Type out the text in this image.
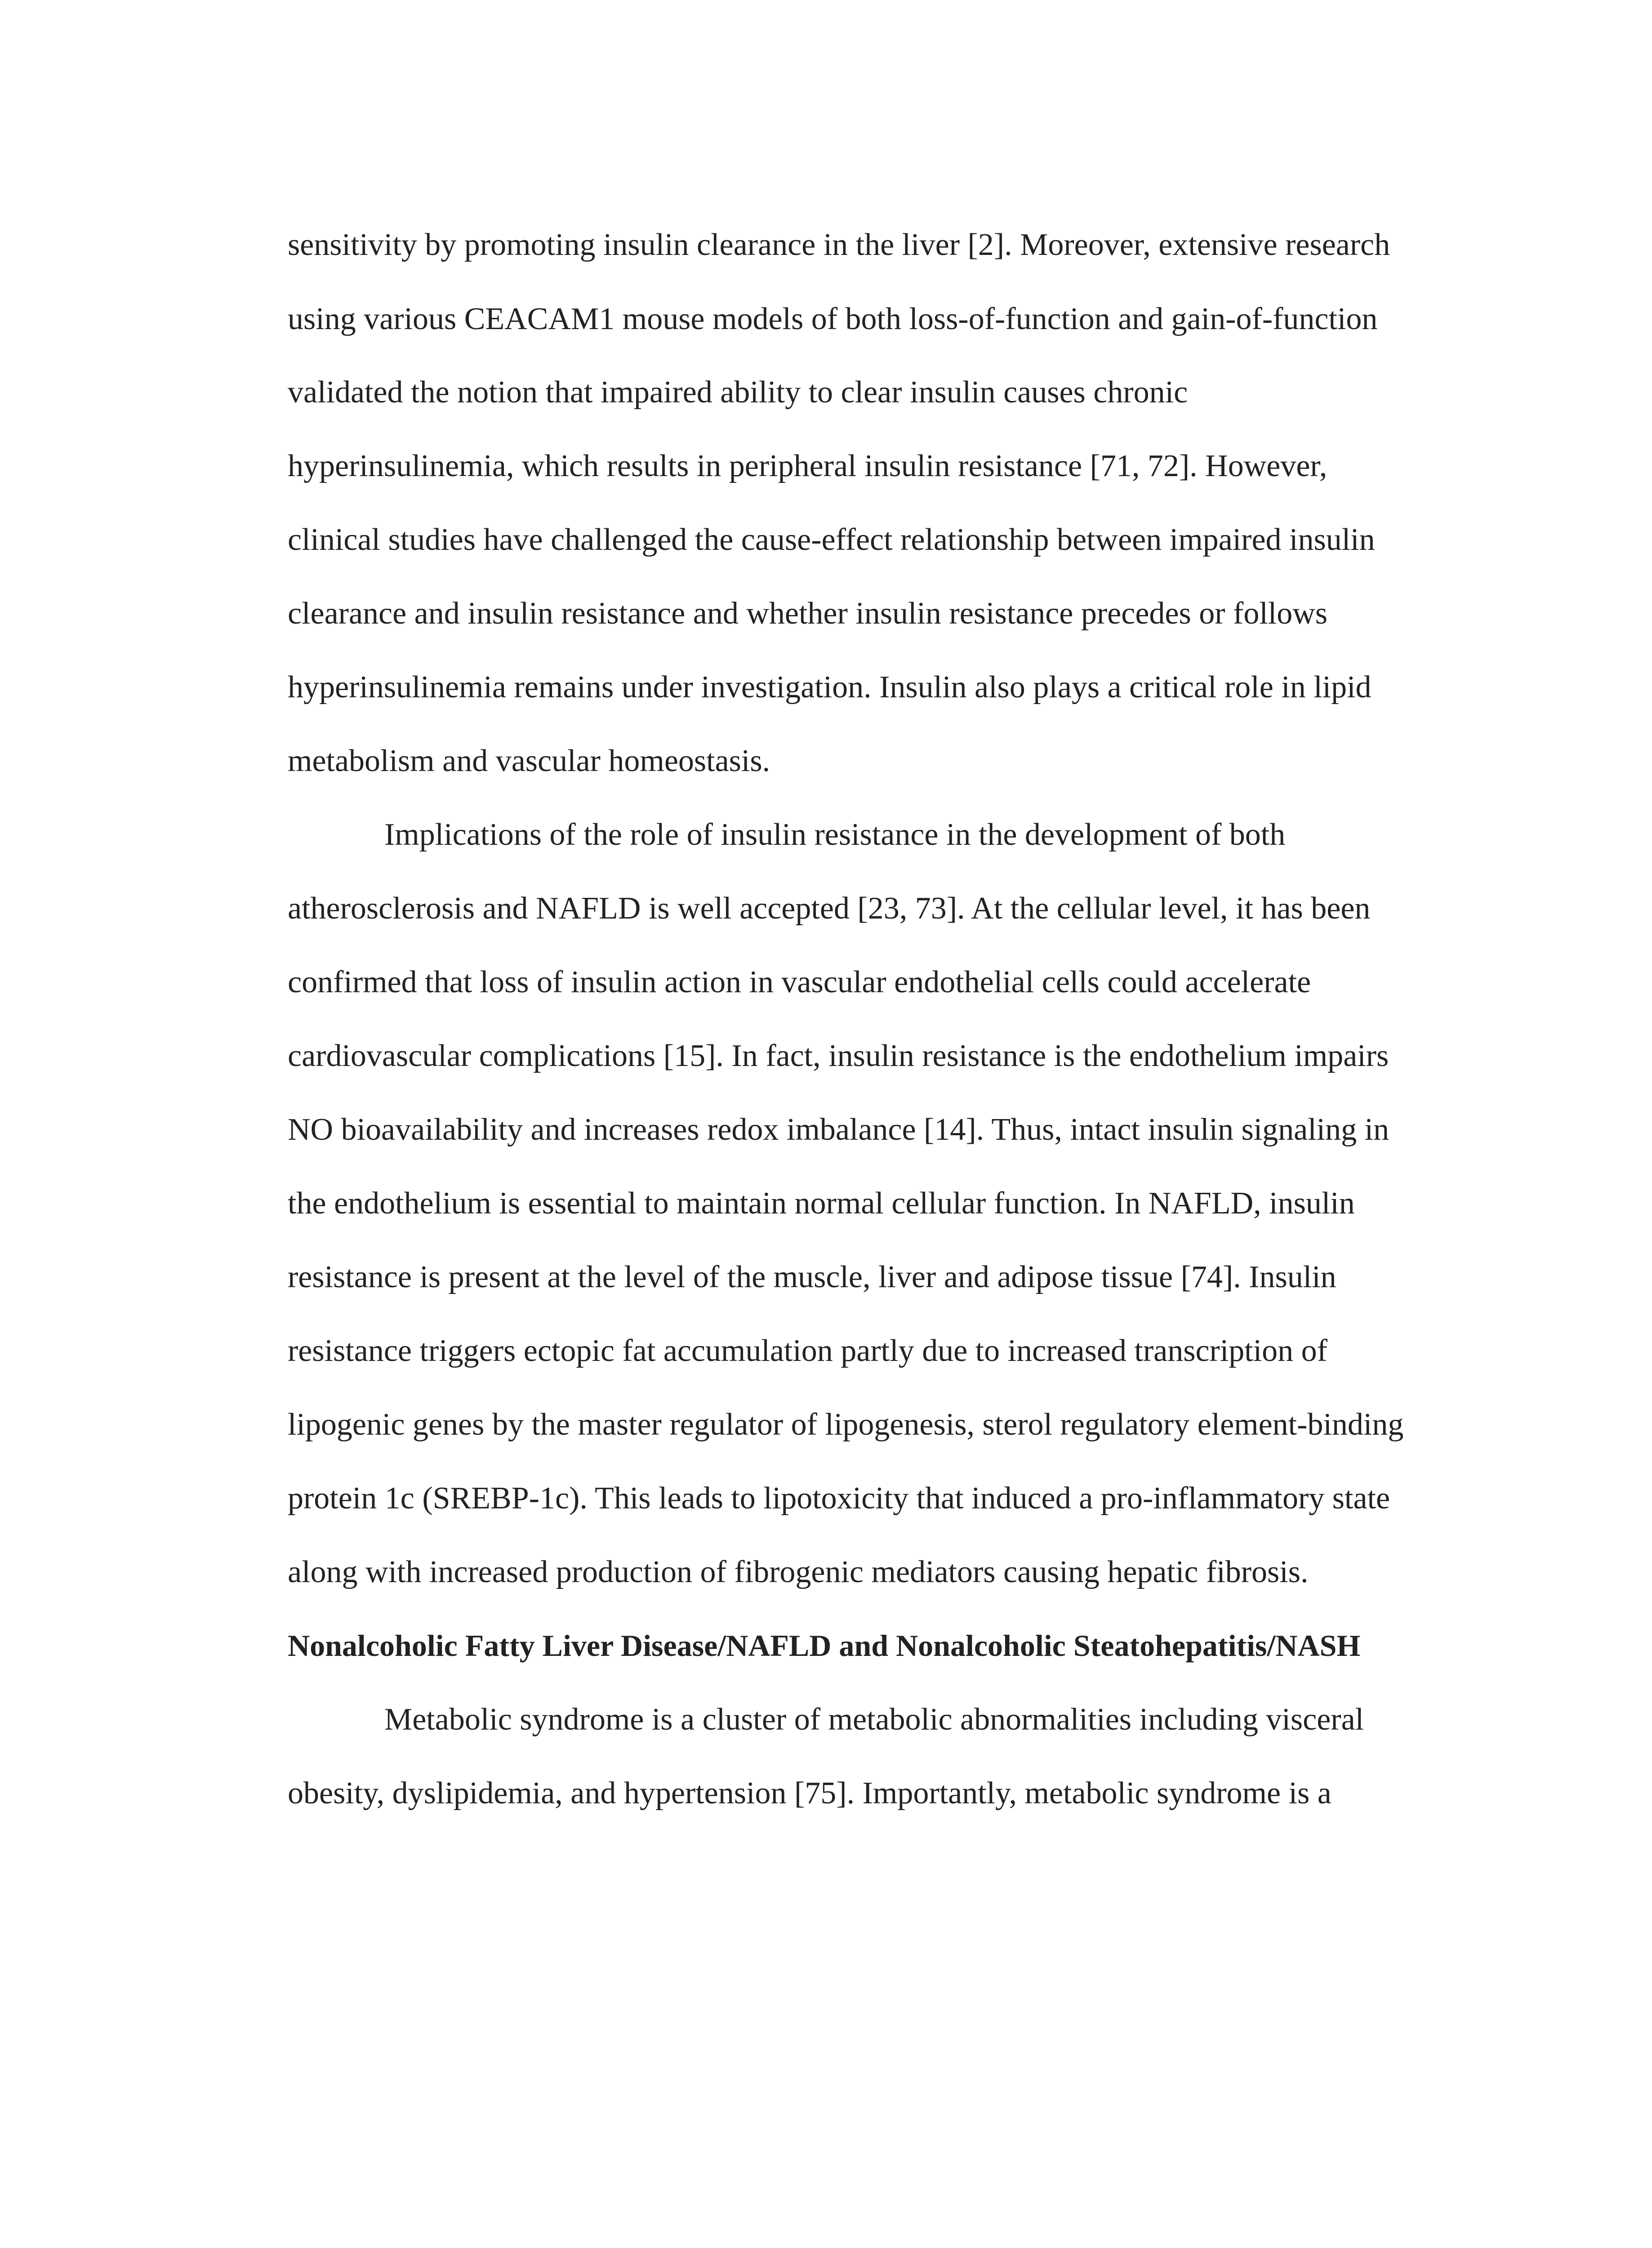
sensitivity by promoting insulin clearance in the liver [2]. Moreover, extensive research
using various CEACAM1 mouse models of both loss-of-function and gain-of-function
validated the notion that impaired ability to clear insulin causes chronic
hyperinsulinemia, which results in peripheral insulin resistance [71, 72]. However,
clinical studies have challenged the cause-effect relationship between impaired insulin
clearance and insulin resistance and whether insulin resistance precedes or follows
hyperinsulinemia remains under investigation. Insulin also plays a critical role in lipid
metabolism and vascular homeostasis.
Implications of the role of insulin resistance in the development of both
atherosclerosis and NAFLD is well accepted [23, 73]. At the cellular level, it has been
confirmed that loss of insulin action in vascular endothelial cells could accelerate
cardiovascular complications [15]. In fact, insulin resistance is the endothelium impairs
NO bioavailability and increases redox imbalance [14]. Thus, intact insulin signaling in
the endothelium is essential to maintain normal cellular function. In NAFLD, insulin
resistance is present at the level of the muscle, liver and adipose tissue [74]. Insulin
resistance triggers ectopic fat accumulation partly due to increased transcription of
lipogenic genes by the master regulator of lipogenesis, sterol regulatory element-binding
protein 1c (SREBP-1c). This leads to lipotoxicity that induced a pro-inflammatory state
along with increased production of fibrogenic mediators causing hepatic fibrosis.
Nonalcoholic Fatty Liver Disease/NAFLD and Nonalcoholic Steatohepatitis/NASH
Metabolic syndrome is a cluster of metabolic abnormalities including visceral
obesity, dyslipidemia, and hypertension [75]. Importantly, metabolic syndrome is a
